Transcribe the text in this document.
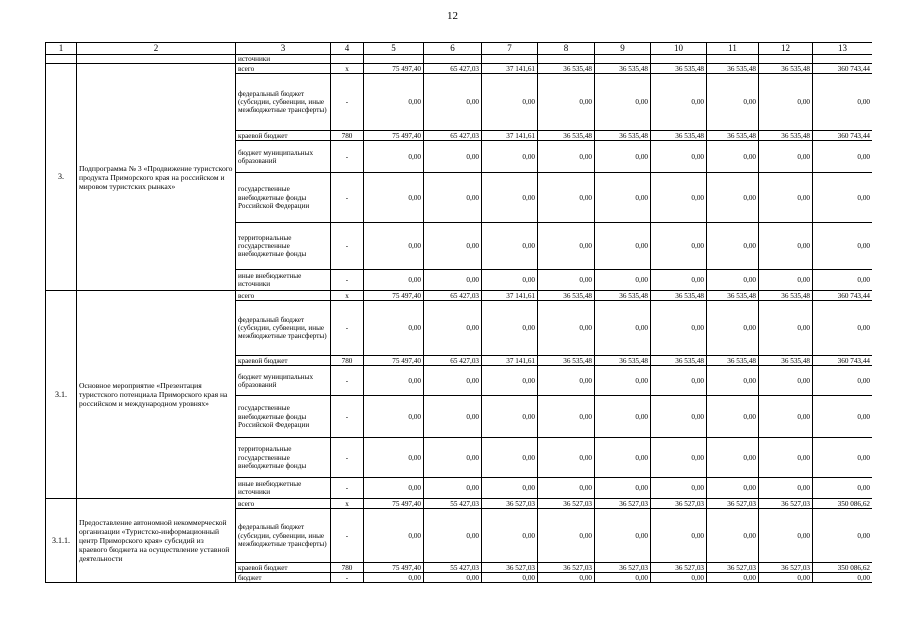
12
1	2	3	4	5	6	7	8	9	10	11	12	13
		источники										
3.	Подпрограмма № 3 «Продвижение туристского продукта Приморского края на российском и мировом туристских рынках»	всего	х	75 497,40	65 427,03	37 141,61	36 535,48	36 535,48	36 535,48	36 535,48	36 535,48	360 743,44
		федеральный бюджет (субсидии, субвенции, иные межбюджетные трансферты)	-	0,00	0,00	0,00	0,00	0,00	0,00	0,00	0,00	0,00
		краевой бюджет	780	75 497,40	65 427,03	37 141,61	36 535,48	36 535,48	36 535,48	36 535,48	36 535,48	360 743,44
		бюджет муниципальных образований	-	0,00	0,00	0,00	0,00	0,00	0,00	0,00	0,00	0,00
		государственные внебюджетные фонды Российской Федерации	-	0,00	0,00	0,00	0,00	0,00	0,00	0,00	0,00	0,00
		территориальные государственные внебюджетные фонды	-	0,00	0,00	0,00	0,00	0,00	0,00	0,00	0,00	0,00
		иные внебюджетные источники	-	0,00	0,00	0,00	0,00	0,00	0,00	0,00	0,00	0,00
3.1.	Основное мероприятие «Презентация туристского потенциала Приморского края на российском и международном уровнях»	всего	х	75 497,40	65 427,03	37 141,61	36 535,48	36 535,48	36 535,48	36 535,48	36 535,48	360 743,44
		федеральный бюджет (субсидии, субвенции, иные межбюджетные трансферты)	-	0,00	0,00	0,00	0,00	0,00	0,00	0,00	0,00	0,00
		краевой бюджет	780	75 497,40	65 427,03	37 141,61	36 535,48	36 535,48	36 535,48	36 535,48	36 535,48	360 743,44
		бюджет муниципальных образований	-	0,00	0,00	0,00	0,00	0,00	0,00	0,00	0,00	0,00
		государственные внебюджетные фонды Российской Федерации	-	0,00	0,00	0,00	0,00	0,00	0,00	0,00	0,00	0,00
		территориальные государственные внебюджетные фонды	-	0,00	0,00	0,00	0,00	0,00	0,00	0,00	0,00	0,00
		иные внебюджетные источники	-	0,00	0,00	0,00	0,00	0,00	0,00	0,00	0,00	0,00
3.1.1.	Предоставление автономной некоммерческой организации «Туристско-информационный центр Приморского края» субсидий из краевого бюджета на осуществление уставной деятельности	всего	х	75 497,40	55 427,03	36 527,03	36 527,03	36 527,03	36 527,03	36 527,03	36 527,03	350 086,62
		федеральный бюджет (субсидии, субвенции, иные межбюджетные трансферты)	-	0,00	0,00	0,00	0,00	0,00	0,00	0,00	0,00	0,00
		краевой бюджет	780	75 497,40	55 427,03	36 527,03	36 527,03	36 527,03	36 527,03	36 527,03	36 527,03	350 086,62
		бюджет	-	0,00	0,00	0,00	0,00	0,00	0,00	0,00	0,00	0,00
